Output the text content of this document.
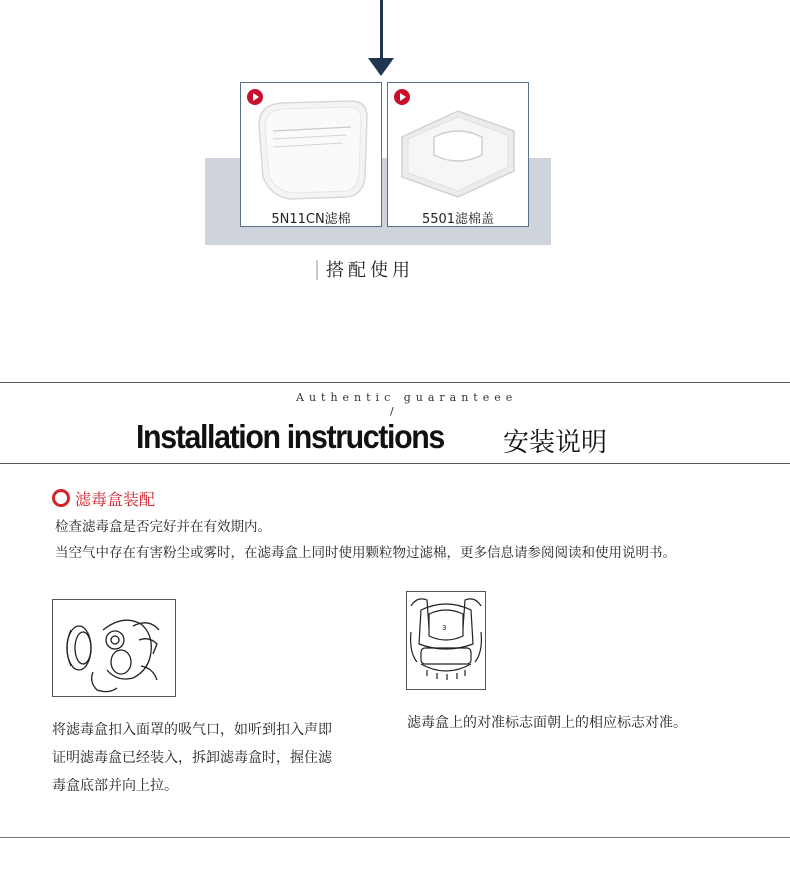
5N11CN滤棉	5501滤棉盖
搭配使用
Authentic guaranteee
/
Installation instructions 安装说明
滤毒盒装配
检查滤毒盒是否完好并在有效期内。
当空气中存在有害粉尘或雾时，在滤毒盒上同时使用颗粒物过滤棉，更多信息请参阅阅读和使用说明书。
3
将滤毒盒扣入面罩的吸气口，如听到扣入声即证明滤毒盒已经装入，拆卸滤毒盒时，握住滤毒盒底部并向上拉。
滤毒盒上的对准标志面朝上的相应标志对准。
